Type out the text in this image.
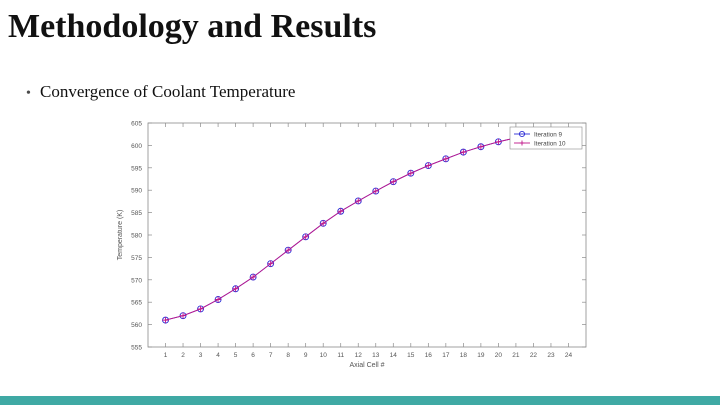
Methodology and Results
• Convergence of Coolant Temperature
555
560
565
570
575
580
585
590
595
600
605
1 2 3 4 5 6 7 8 9 10 11 12 13 14 15 16 17 18 19 20 21 22 23 24
Axial Cell #
Temperature (K)
Iteration 9
Iteration 10
